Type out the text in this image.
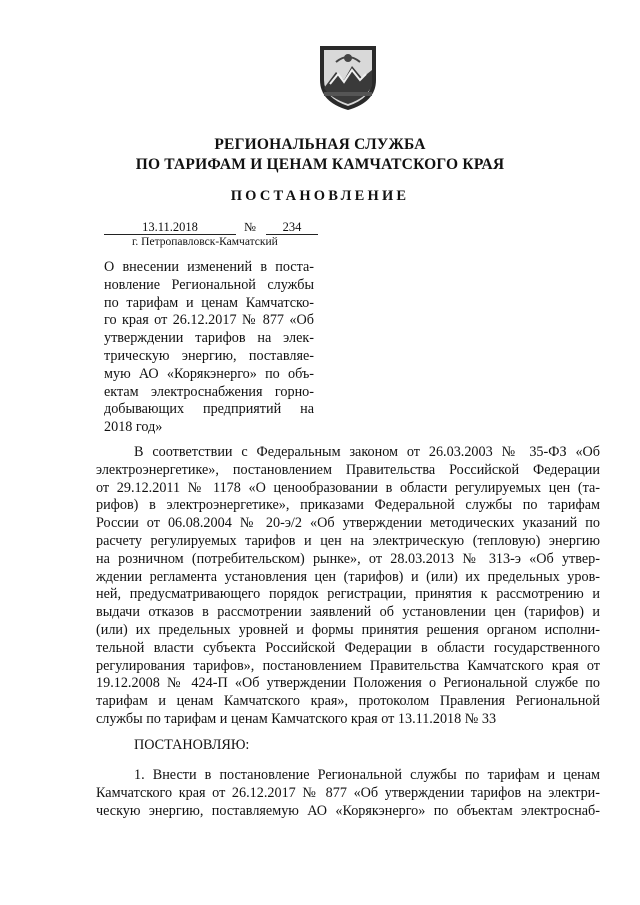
РЕГИОНАЛЬНАЯ СЛУЖБА
ПО ТАРИФАМ И ЦЕНАМ КАМЧАТСКОГО КРАЯ
ПОСТАНОВЛЕНИЕ
13.11.2018	№	234
г. Петропавловск-Камчатский
О внесении изменений в поста-
новление Региональной службы
по тарифам и ценам Камчатско-
го края от 26.12.2017 № 877 «Об
утверждении тарифов на элек-
трическую энергию, поставляе-
мую АО «Корякэнерго» по объ-
ектам электроснабжения горно-
добывающих предприятий на
2018 год»
В соответствии с Федеральным законом от 26.03.2003 № 35-ФЗ «Об
электроэнергетике», постановлением Правительства Российской Федерации
от 29.12.2011 № 1178 «О ценообразовании в области регулируемых цен (та-
рифов) в электроэнергетике», приказами Федеральной службы по тарифам
России от 06.08.2004 № 20-э/2 «Об утверждении методических указаний по
расчету регулируемых тарифов и цен на электрическую (тепловую) энергию
на розничном (потребительском) рынке», от 28.03.2013 № 313-э «Об утвер-
ждении регламента установления цен (тарифов) и (или) их предельных уров-
ней, предусматривающего порядок регистрации, принятия к рассмотрению и
выдачи отказов в рассмотрении заявлений об установлении цен (тарифов) и
(или) их предельных уровней и формы принятия решения органом исполни-
тельной власти субъекта Российской Федерации в области государственного
регулирования тарифов», постановлением Правительства Камчатского края от
19.12.2008 № 424-П «Об утверждении Положения о Региональной службе по
тарифам и ценам Камчатского края», протоколом Правления Региональной
службы по тарифам и ценам Камчатского края от 13.11.2018 № 33
ПОСТАНОВЛЯЮ:
1. Внести в постановление Региональной службы по тарифам и ценам
Камчатского края от 26.12.2017 № 877 «Об утверждении тарифов на электри-
ческую энергию, поставляемую АО «Корякэнерго» по объектам электроснаб-
